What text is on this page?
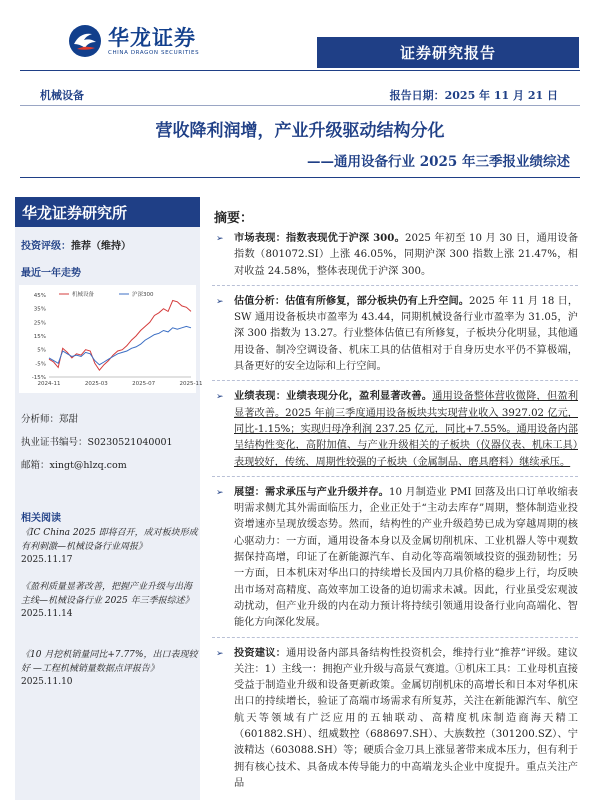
华龙证券
CHINA DRAGON SECURITIES	证券研究报告
机械设备	报告日期：2025 年 11 月 21 日
营收降利润增，产业升级驱动结构分化
——通用设备行业 2025 年三季报业绩综述
华龙证券研究所
投资评级：推荐（维持）
最近一年走势
45%
35%
25%
15%
5%
-5%
-15%
2024-11	2025-03	2025-07	2025-11
机械设备	沪深300
分析师：郑甜
执业证书编号：S0230521040001
邮箱：xingt@hlzq.com
相关阅读
《IC China 2025 即将召开，成对板块形成有利刺激—机械设备行业周报》
2025.11.17
《盈利质量显著改善，把握产业升级与出海主线—机械设备行业 2025 年三季报综述》
2025.11.14
《10 月挖机销量同比+7.77%，出口表现较好 —工程机械销量数据点评报告》
2025.11.10
摘要：
➢ 市场表现：指数表现优于沪深 300。2025 年初至 10 月 30 日，通用设备指数（801072.SI）上涨 46.05%，同期沪深 300 指数上涨 21.47%，相对收益 24.58%，整体表现优于沪深 300。
➢ 估值分析：估值有所修复，部分板块仍有上升空间。2025 年 11 月 18 日，SW 通用设备板块市盈率为 43.44，同期机械设备行业市盈率为 31.05，沪深 300 指数为 13.27。行业整体估值已有所修复，子板块分化明显，其他通用设备、制冷空调设备、机床工具的估值相对于自身历史水平仍不算极端，具备更好的安全边际和上行空间。
➢ 业绩表现：业绩表现分化，盈利显著改善。通用设备整体营收微降，但盈利显著改善。2025 年前三季度通用设备板块共实现营业收入 3927.02 亿元，同比-1.15%；实现归母净利润 237.25 亿元，同比+7.55%。通用设备内部呈结构性变化，高附加值、与产业升级相关的子板块（仪器仪表、机床工具）表现较好，传统、周期性较强的子板块（金属制品、磨具磨料）继续承压。
➢ 展望：需求承压与产业升级并存。10 月制造业 PMI 回落及出口订单收缩表明需求侧尤其外需面临压力，企业正处于“主动去库存”周期，整体制造业投资增速亦呈现放缓态势。然而，结构性的产业升级趋势已成为穿越周期的核心驱动力：一方面，通用设备本身以及金属切削机床、工业机器人等中观数据保持高增，印证了在新能源汽车、自动化等高端领域投资的强劲韧性；另一方面，日本机床对华出口的持续增长及国内刀具价格的稳步上行，均反映出市场对高精度、高效率加工设备的迫切需求未减。因此，行业虽受宏观波动扰动，但产业升级的内在动力预计将持续引领通用设备行业向高端化、智能化方向深化发展。
➢ 投资建议：通用设备内部具备结构性投资机会，维持行业“推荐”评级。建议关注：1）主线一：拥抱产业升级与高景气赛道。①机床工具：工业母机直接受益于制造业升级和设备更新政策。金属切削机床的高增长和日本对华机床出口的持续增长，验证了高端市场需求有所复苏，关注在新能源汽车、航空航天等领域有广泛应用的五轴联动、高精度机床制造商海天精工（601882.SH）、纽威数控（688697.SH）、大族数控（301200.SZ）、宁波精达（603088.SH）等；硬质合金刀具上涨显著带来成本压力，但有利于拥有核心技术、具备成本传导能力的中高端龙头企业中度提升。重点关注产品
